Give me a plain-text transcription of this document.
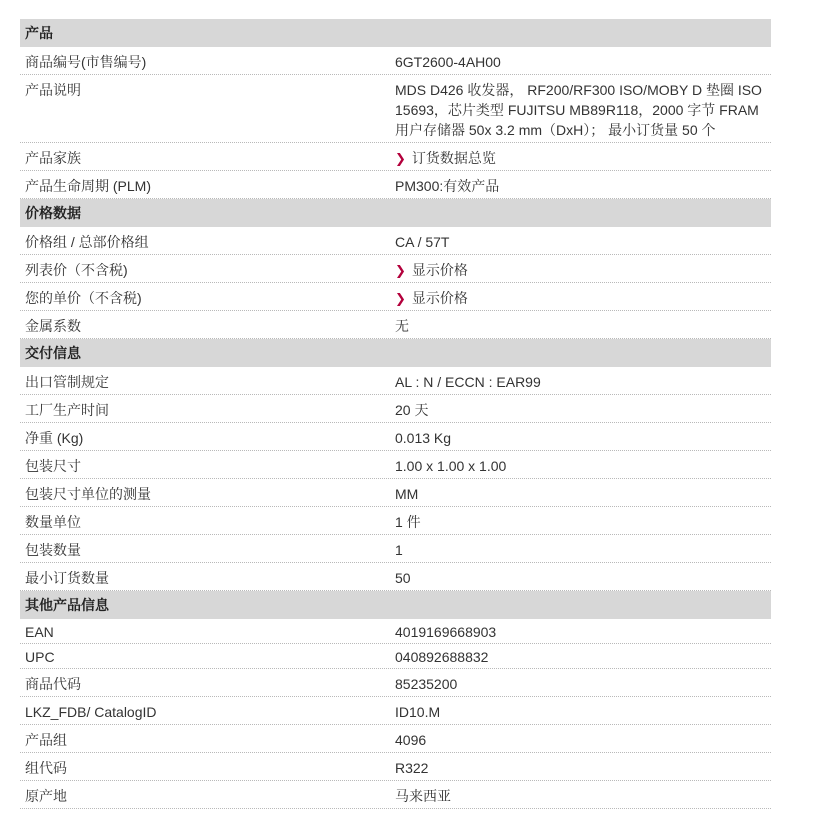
产品
商品编号(市售编号)	6GT2600-4AH00
产品说明	MDS D426 收发器， RF200/RF300 ISO/MOBY D 垫圈 ISO 15693，芯片类型 FUJITSU MB89R118，2000 字节 FRAM 用户存储器 50x 3.2 mm（DxH）； 最小订货量 50 个
产品家族	❯ 订货数据总览
产品生命周期 (PLM)	PM300:有效产品
价格数据
价格组 / 总部价格组	CA / 57T
列表价（不含税)	❯ 显示价格
您的单价（不含税)	❯ 显示价格
金属系数	无
交付信息
出口管制规定	AL : N / ECCN : EAR99
工厂生产时间	20 天
净重 (Kg)	0.013 Kg
包装尺寸	1.00 x 1.00 x 1.00
包装尺寸单位的测量	MM
数量单位	1 件
包装数量	1
最小订货数量	50
其他产品信息
EAN	4019169668903
UPC	040892688832
商品代码	85235200
LKZ_FDB/ CatalogID	ID10.M
产品组	4096
组代码	R322
原产地	马来西亚
